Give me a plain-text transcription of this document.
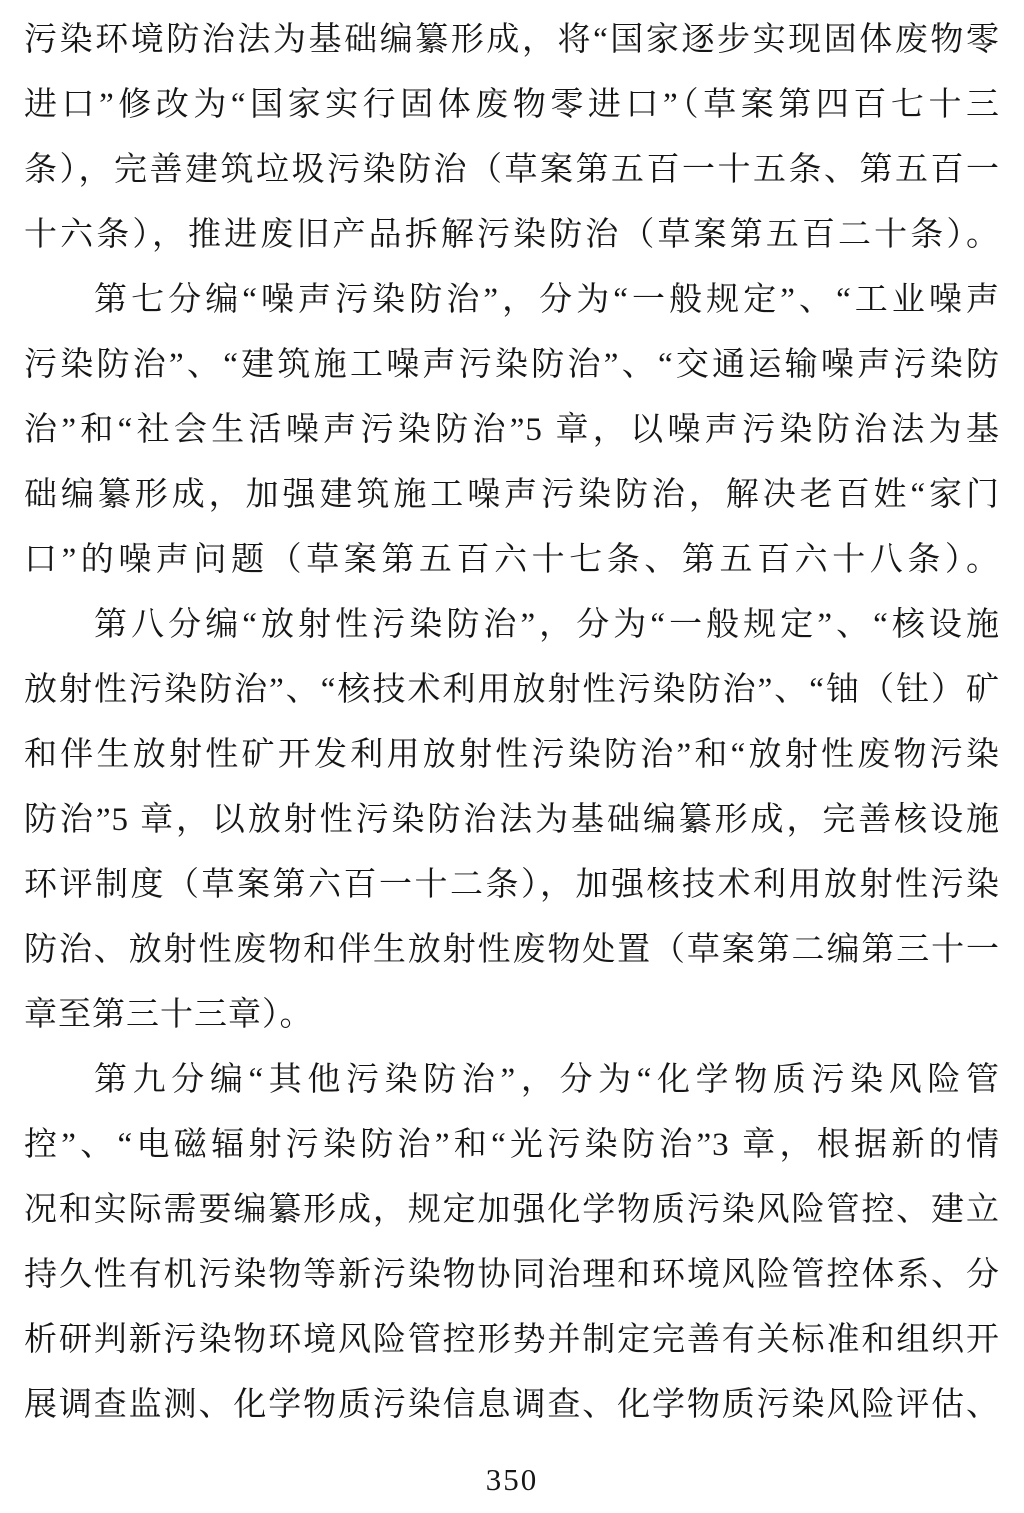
污染环境防治法为基础编纂形成，将“国家逐步实现固体废物零
进口”修改为“国家实行固体废物零进口”（草案第四百七十三
条），完善建筑垃圾污染防治（草案第五百一十五条、第五百一
十六条），推进废旧产品拆解污染防治（草案第五百二十条）。
第七分编“噪声污染防治”，分为“一般规定”、“工业噪声
污染防治”、“建筑施工噪声污染防治”、“交通运输噪声污染防
治”和“社会生活噪声污染防治”5 章，以噪声污染防治法为基
础编纂形成，加强建筑施工噪声污染防治，解决老百姓“家门
口”的噪声问题（草案第五百六十七条、第五百六十八条）。
第八分编“放射性污染防治”，分为“一般规定”、“核设施
放射性污染防治”、“核技术利用放射性污染防治”、“铀（钍）矿
和伴生放射性矿开发利用放射性污染防治”和“放射性废物污染
防治”5 章，以放射性污染防治法为基础编纂形成，完善核设施
环评制度（草案第六百一十二条），加强核技术利用放射性污染
防治、放射性废物和伴生放射性废物处置（草案第二编第三十一
章至第三十三章）。
第九分编“其他污染防治”，分为“化学物质污染风险管
控”、“电磁辐射污染防治”和“光污染防治”3 章，根据新的情
况和实际需要编纂形成，规定加强化学物质污染风险管控、建立
持久性有机污染物等新污染物协同治理和环境风险管控体系、分
析研判新污染物环境风险管控形势并制定完善有关标准和组织开
展调查监测、化学物质污染信息调查、化学物质污染风险评估、
350
